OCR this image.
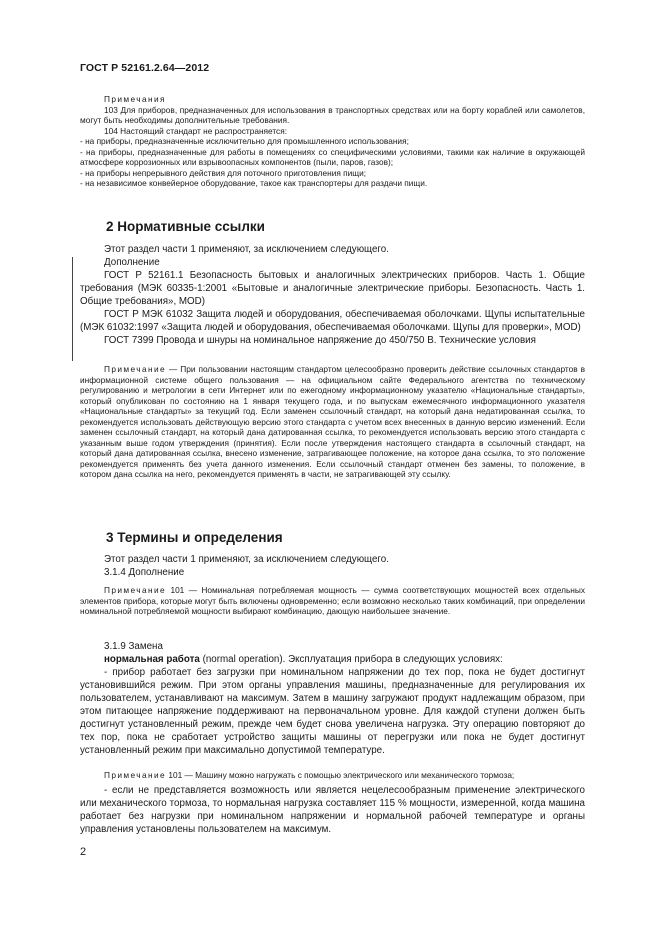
ГОСТ Р 52161.2.64—2012

Примечания

103 Для приборов, предназначенных для использования в транспортных средствах или на борту кораблей или самолетов, могут быть необходимы дополнительные требования.

104 Настоящий стандарт не распространяется:

- на приборы, предназначенные исключительно для промышленного использования;

- на приборы, предназначенные для работы в помещениях со специфическими условиями, такими как наличие в окружающей атмосфере коррозионных или взрывоопасных компонентов (пыли, паров, газов);

- на приборы непрерывного действия для поточного приготовления пищи;

- на независимое конвейерное оборудование, такое как транспортеры для раздачи пищи.

2 Нормативные ссылки

Этот раздел части 1 применяют, за исключением следующего.

Дополнение

ГОСТ Р 52161.1 Безопасность бытовых и аналогичных электрических приборов. Часть 1. Общие требования (МЭК 60335-1:2001 «Бытовые и аналогичные электрические приборы. Безопасность. Часть 1. Общие требования», MOD)

ГОСТ Р МЭК 61032 Защита людей и оборудования, обеспечиваемая оболочками. Щупы испытательные (МЭК 61032:1997 «Защита людей и оборудования, обеспечиваемая оболочками. Щупы для проверки», MOD)

ГОСТ 7399 Провода и шнуры на номинальное напряжение до 450/750 В. Технические условия

Примечание — При пользовании настоящим стандартом целесообразно проверить действие ссылочных стандартов в информационной системе общего пользования — на официальном сайте Федерального агентства по техническому регулированию и метрологии в сети Интернет или по ежегодному информационному указателю «Национальные стандарты», который опубликован по состоянию на 1 января текущего года, и по выпускам ежемесячного информационного указателя «Национальные стандарты» за текущий год. Если заменен ссылочный стандарт, на который дана недатированная ссылка, то рекомендуется использовать действующую версию этого стандарта с учетом всех внесенных в данную версию изменений. Если заменен ссылочный стандарт, на который дана датированная ссылка, то рекомендуется использовать версию этого стандарта с указанным выше годом утверждения (принятия). Если после утверждения настоящего стандарта в ссылочный стандарт, на который дана датированная ссылка, внесено изменение, затрагивающее положение, на которое дана ссылка, то это положение рекомендуется применять без учета данного изменения. Если ссылочный стандарт отменен без замены, то положение, в котором дана ссылка на него, рекомендуется применять в части, не затрагивающей эту ссылку.
3 Термины и определения

Этот раздел части 1 применяют, за исключением следующего.

3.1.4 Дополнение

Примечание 101 — Номинальная потребляемая мощность — сумма соответствующих мощностей всех отдельных элементов прибора, которые могут быть включены одновременно; если возможно несколько таких комбинаций, при определении номинальной потребляемой мощности выбирают комбинацию, дающую наибольшее значение.

3.1.9 Замена

нормальная работа (normal operation). Эксплуатация прибора в следующих условиях:

- прибор работает без загрузки при номинальном напряжении до тех пор, пока не будет достигнут установившийся режим. При этом органы управления машины, предназначенные для регулирования их пользователем, устанавливают на максимум. Затем в машину загружают продукт надлежащим образом, при этом питающее напряжение поддерживают на первоначальном уровне. Для каждой ступени должен быть достигнут установленный режим, прежде чем будет снова увеличена нагрузка. Эту операцию повторяют до тех пор, пока не сработает устройство защиты машины от перегрузки или пока не будет достигнут установленный режим при максимально допустимой температуре.

Примечание 101 — Машину можно нагружать с помощью электрического или механического тормоза;
- если не представляется возможность или является нецелесообразным применение электрического или механического тормоза, то нормальная нагрузка составляет 115 % мощности, измеренной, когда машина работает без нагрузки при номинальном напряжении и нормальной рабочей температуре и органы управления установлены пользователем на максимум.
2
